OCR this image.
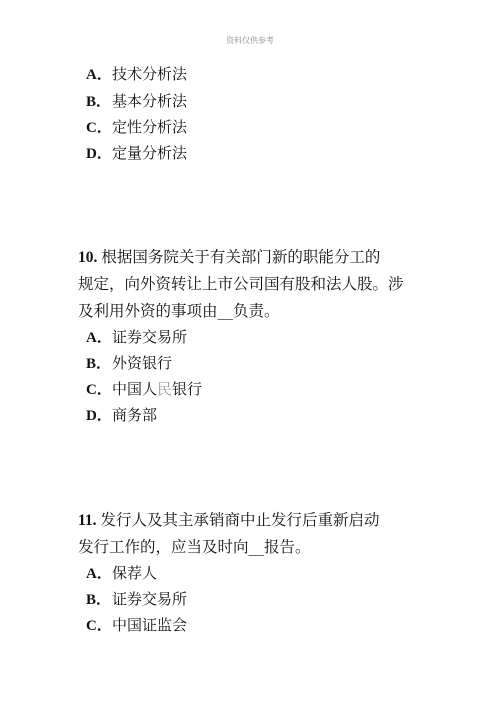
资料仅供参考
A．技术分析法
B．基本分析法
C．定性分析法
D．定量分析法
10. 根据国务院关于有关部门新的职能分工的
规定，向外资转让上市公司国有股和法人股。涉
及利用外资的事项由__负责。
A．证券交易所
B．外资银行
C．中国人民银行
D．商务部
11. 发行人及其主承销商中止发行后重新启动
发行工作的，应当及时向__报告。
A．保荐人
B．证券交易所
C．中国证监会
